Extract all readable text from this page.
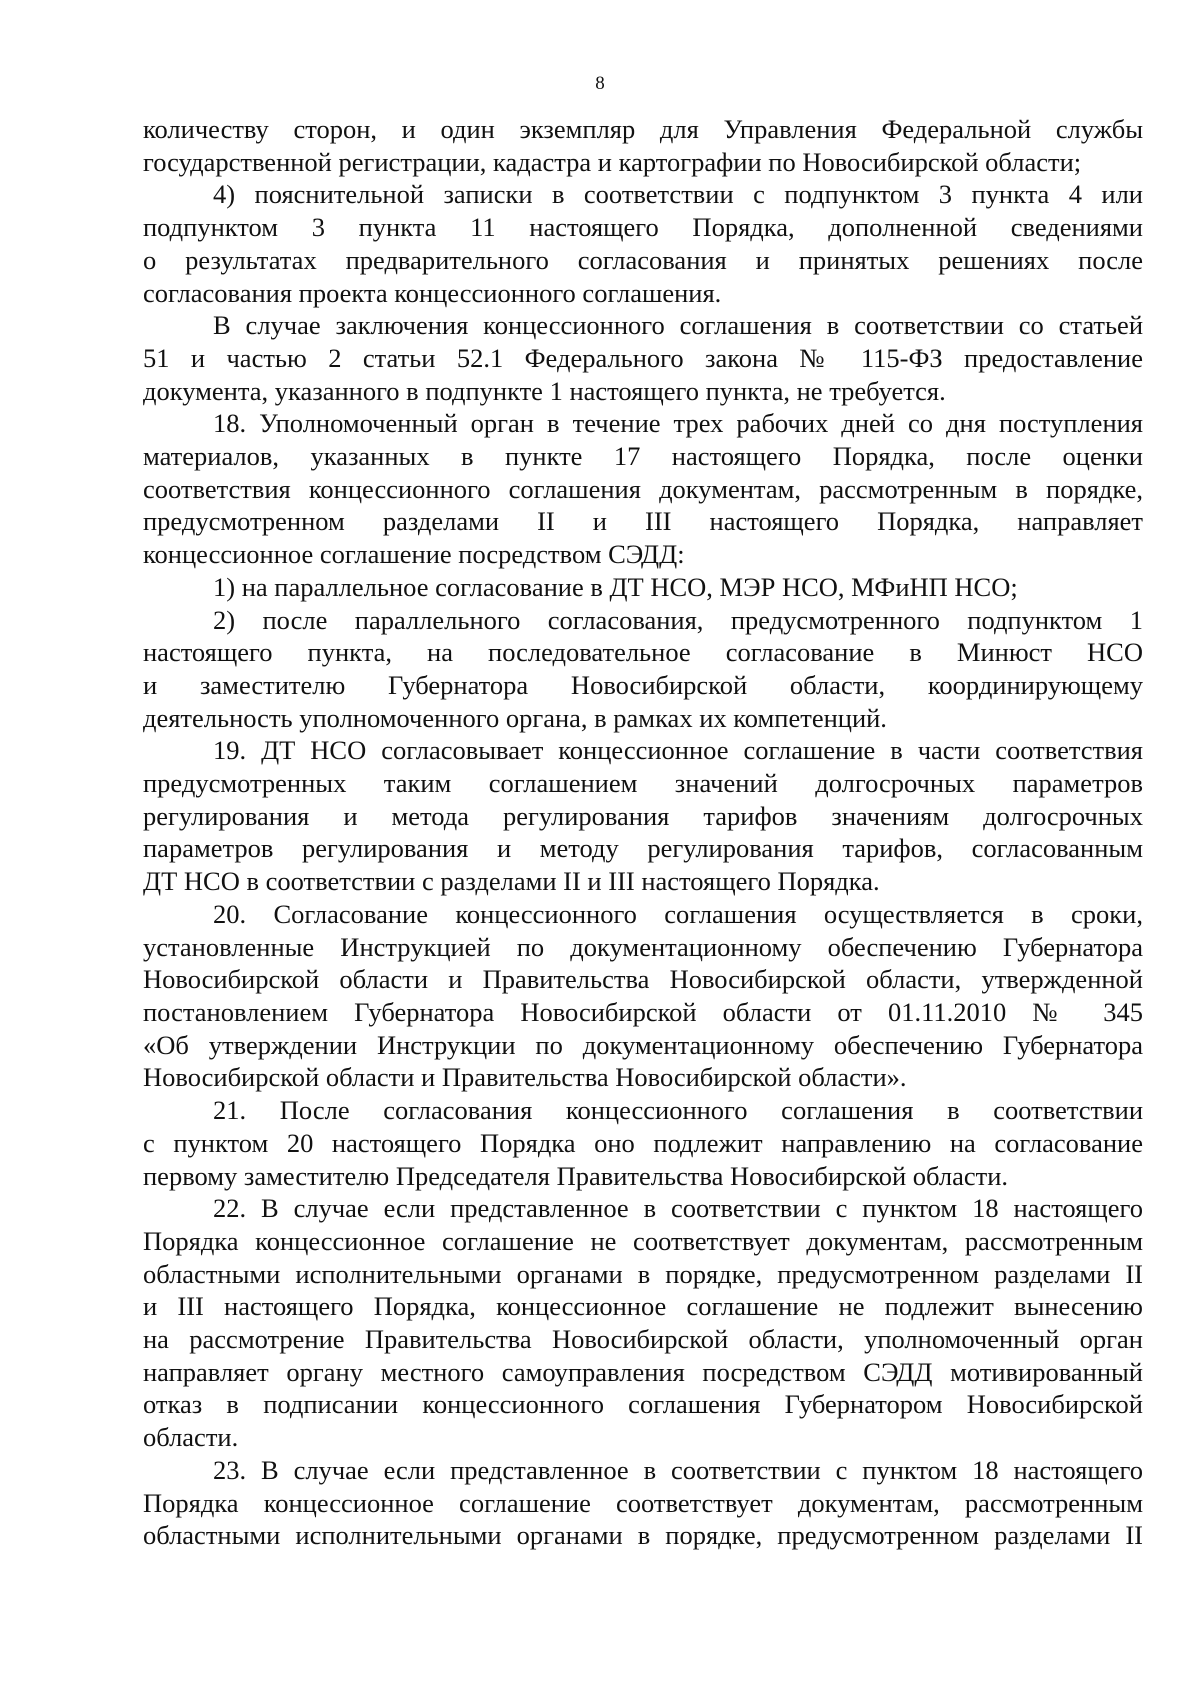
8
количеству сторон, и один экземпляр для Управления Федеральной службы
государственной регистрации, кадастра и картографии по Новосибирской области;
4) пояснительной записки в соответствии с подпунктом 3 пункта 4 или
подпунктом 3 пункта 11 настоящего Порядка, дополненной сведениями
о результатах предварительного согласования и принятых решениях после
согласования проекта концессионного соглашения.
В случае заключения концессионного соглашения в соответствии со статьей
51 и частью 2 статьи 52.1 Федерального закона № 115-ФЗ предоставление
документа, указанного в подпункте 1 настоящего пункта, не требуется.
18. Уполномоченный орган в течение трех рабочих дней со дня поступления
материалов, указанных в пункте 17 настоящего Порядка, после оценки
соответствия концессионного соглашения документам, рассмотренным в порядке,
предусмотренном разделами II и III настоящего Порядка, направляет
концессионное соглашение посредством СЭДД:
1) на параллельное согласование в ДТ НСО, МЭР НСО, МФиНП НСО;
2) после параллельного согласования, предусмотренного подпунктом 1
настоящего пункта, на последовательное согласование в Минюст НСО
и заместителю Губернатора Новосибирской области, координирующему
деятельность уполномоченного органа, в рамках их компетенций.
19. ДТ НСО согласовывает концессионное соглашение в части соответствия
предусмотренных таким соглашением значений долгосрочных параметров
регулирования и метода регулирования тарифов значениям долгосрочных
параметров регулирования и методу регулирования тарифов, согласованным
ДТ НСО в соответствии с разделами II и III настоящего Порядка.
20. Согласование концессионного соглашения осуществляется в сроки,
установленные Инструкцией по документационному обеспечению Губернатора
Новосибирской области и Правительства Новосибирской области, утвержденной
постановлением Губернатора Новосибирской области от 01.11.2010 № 345
«Об утверждении Инструкции по документационному обеспечению Губернатора
Новосибирской области и Правительства Новосибирской области».
21. После согласования концессионного соглашения в соответствии
с пунктом 20 настоящего Порядка оно подлежит направлению на согласование
первому заместителю Председателя Правительства Новосибирской области.
22. В случае если представленное в соответствии с пунктом 18 настоящего
Порядка концессионное соглашение не соответствует документам, рассмотренным
областными исполнительными органами в порядке, предусмотренном разделами II
и III настоящего Порядка, концессионное соглашение не подлежит вынесению
на рассмотрение Правительства Новосибирской области, уполномоченный орган
направляет органу местного самоуправления посредством СЭДД мотивированный
отказ в подписании концессионного соглашения Губернатором Новосибирской
области.
23. В случае если представленное в соответствии с пунктом 18 настоящего
Порядка концессионное соглашение соответствует документам, рассмотренным
областными исполнительными органами в порядке, предусмотренном разделами II
